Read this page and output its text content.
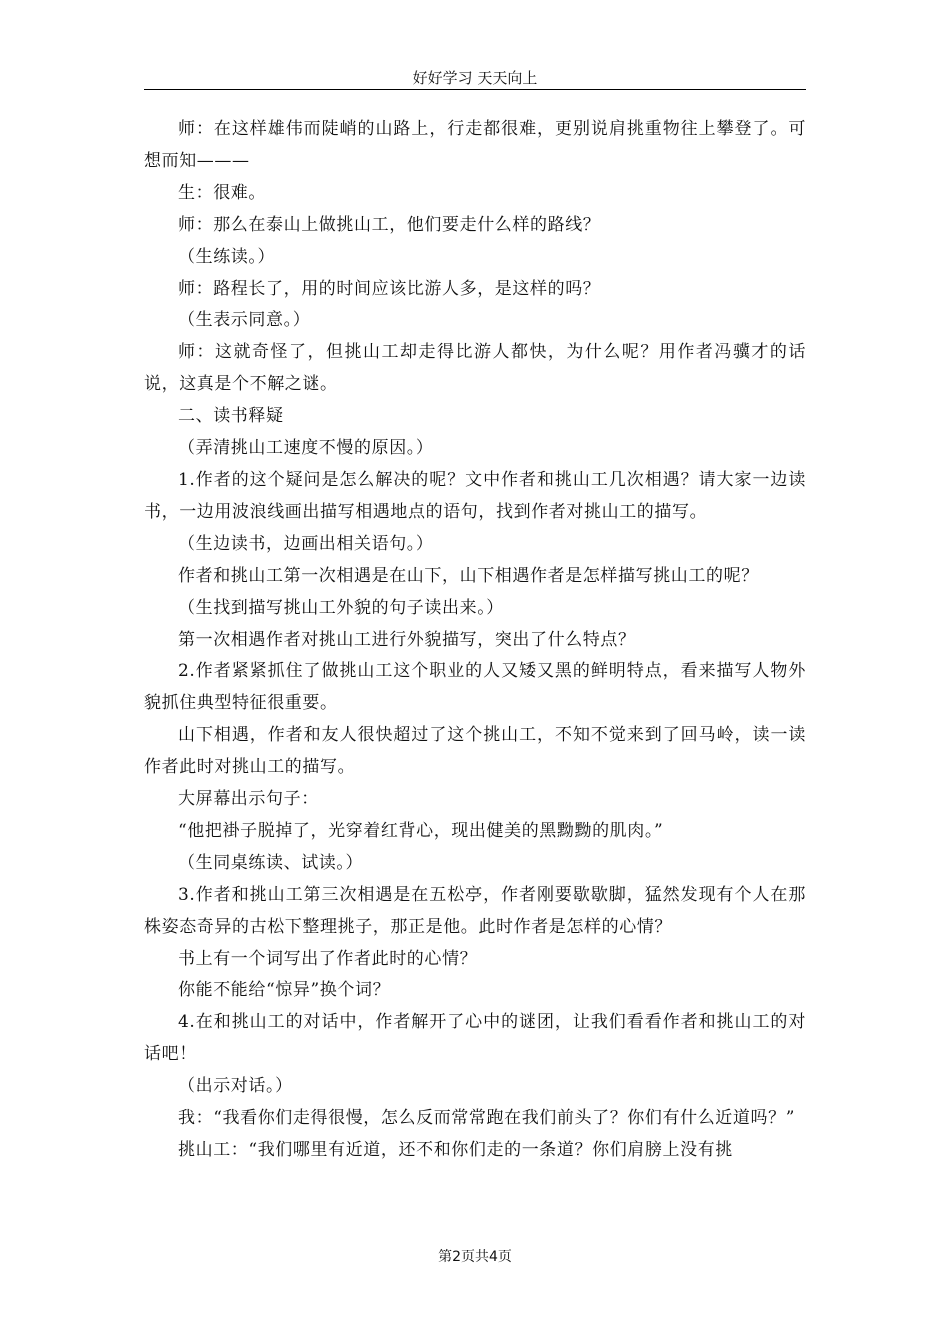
好好学习 天天向上

师：在这样雄伟而陡峭的山路上，行走都很难，更别说肩挑重物往上攀登了。可想而知———

生：很难。

师：那么在泰山上做挑山工，他们要走什么样的路线？

（生练读。）

师：路程长了，用的时间应该比游人多，是这样的吗？

（生表示同意。）

师：这就奇怪了，但挑山工却走得比游人都快，为什么呢？用作者冯骥才的话说，这真是个不解之谜。

二、读书释疑

（弄清挑山工速度不慢的原因。）

1.作者的这个疑问是怎么解决的呢？文中作者和挑山工几次相遇？请大家一边读书，一边用波浪线画出描写相遇地点的语句，找到作者对挑山工的描写。

（生边读书，边画出相关语句。）

作者和挑山工第一次相遇是在山下，山下相遇作者是怎样描写挑山工的呢？

（生找到描写挑山工外貌的句子读出来。）

第一次相遇作者对挑山工进行外貌描写，突出了什么特点？

2.作者紧紧抓住了做挑山工这个职业的人又矮又黑的鲜明特点，看来描写人物外貌抓住典型特征很重要。

山下相遇，作者和友人很快超过了这个挑山工，不知不觉来到了回马岭，读一读作者此时对挑山工的描写。

大屏幕出示句子：

“他把褂子脱掉了，光穿着红背心，现出健美的黑黝黝的肌肉。”

（生同桌练读、试读。）

3.作者和挑山工第三次相遇是在五松亭，作者刚要歇歇脚，猛然发现有个人在那株姿态奇异的古松下整理挑子，那正是他。此时作者是怎样的心情？

书上有一个词写出了作者此时的心情？

你能不能给“惊异”换个词？

4.在和挑山工的对话中，作者解开了心中的谜团，让我们看看作者和挑山工的对话吧！

（出示对话。）

我：“我看你们走得很慢，怎么反而常常跑在我们前头了？你们有什么近道吗？”

挑山工：“我们哪里有近道，还不和你们走的一条道？你们肩膀上没有挑

第2页共4页
